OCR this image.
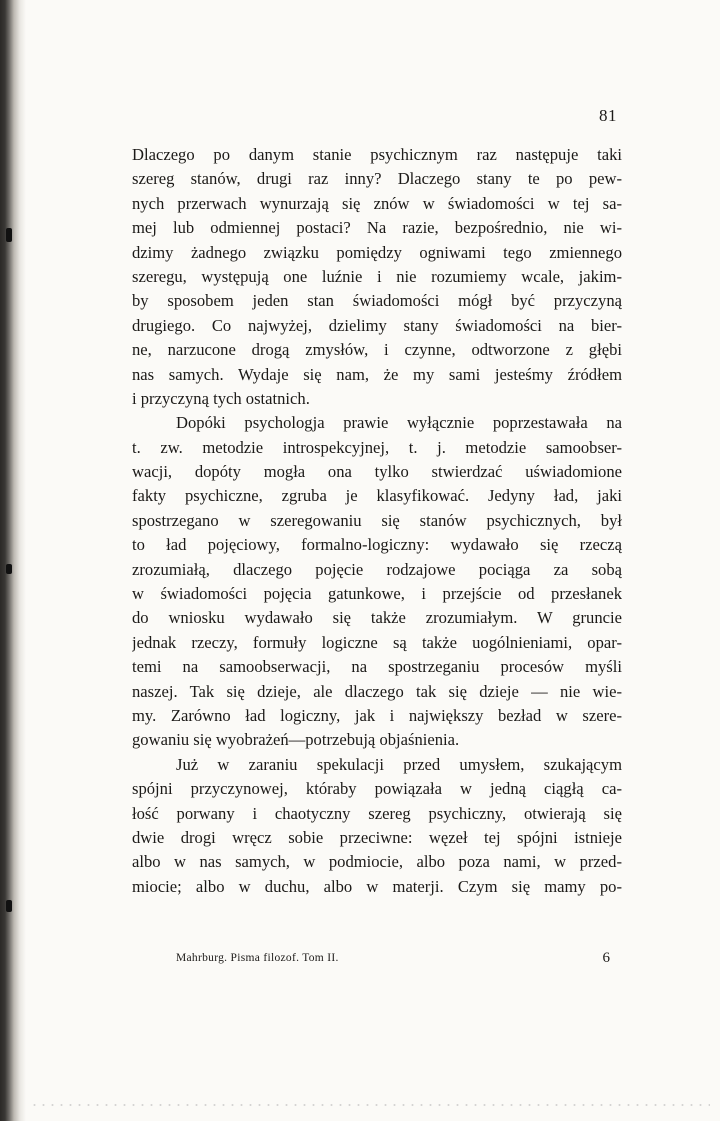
81
Dlaczego po danym stanie psychicznym raz następuje taki
szereg stanów, drugi raz inny? Dlaczego stany te po pew-
nych przerwach wynurzają się znów w świadomości w tej sa-
mej lub odmiennej postaci? Na razie, bezpośrednio, nie wi-
dzimy żadnego związku pomiędzy ogniwami tego zmiennego
szeregu, występują one luźnie i nie rozumiemy wcale, jakim-
by sposobem jeden stan świadomości mógł być przyczyną
drugiego. Co najwyżej, dzielimy stany świadomości na bier-
ne, narzucone drogą zmysłów, i czynne, odtworzone z głębi
nas samych. Wydaje się nam, że my sami jesteśmy źródłem
i przyczyną tych ostatnich.
Dopóki psychologja prawie wyłącznie poprzestawała na
t. zw. metodzie introspekcyjnej, t. j. metodzie samoobser-
wacji, dopóty mogła ona tylko stwierdzać uświadomione
fakty psychiczne, zgruba je klasyfikować. Jedyny ład, jaki
spostrzegano w szeregowaniu się stanów psychicznych, był
to ład pojęciowy, formalno-logiczny: wydawało się rzeczą
zrozumiałą, dlaczego pojęcie rodzajowe pociąga za sobą
w świadomości pojęcia gatunkowe, i przejście od przesłanek
do wniosku wydawało się także zrozumiałym. W gruncie
jednak rzeczy, formuły logiczne są także uogólnieniami, opar-
temi na samoobserwacji, na spostrzeganiu procesów myśli
naszej. Tak się dzieje, ale dlaczego tak się dzieje — nie wie-
my. Zarówno ład logiczny, jak i największy bezład w szere-
gowaniu się wyobrażeń—potrzebują objaśnienia.
Już w zaraniu spekulacji przed umysłem, szukającym
spójni przyczynowej, któraby powiązała w jedną ciągłą ca-
łość porwany i chaotyczny szereg psychiczny, otwierają się
dwie drogi wręcz sobie przeciwne: węzeł tej spójni istnieje
albo w nas samych, w podmiocie, albo poza nami, w przed-
miocie; albo w duchu, albo w materji. Czym się mamy po-
Mahrburg. Pisma filozof. Tom II.	6
